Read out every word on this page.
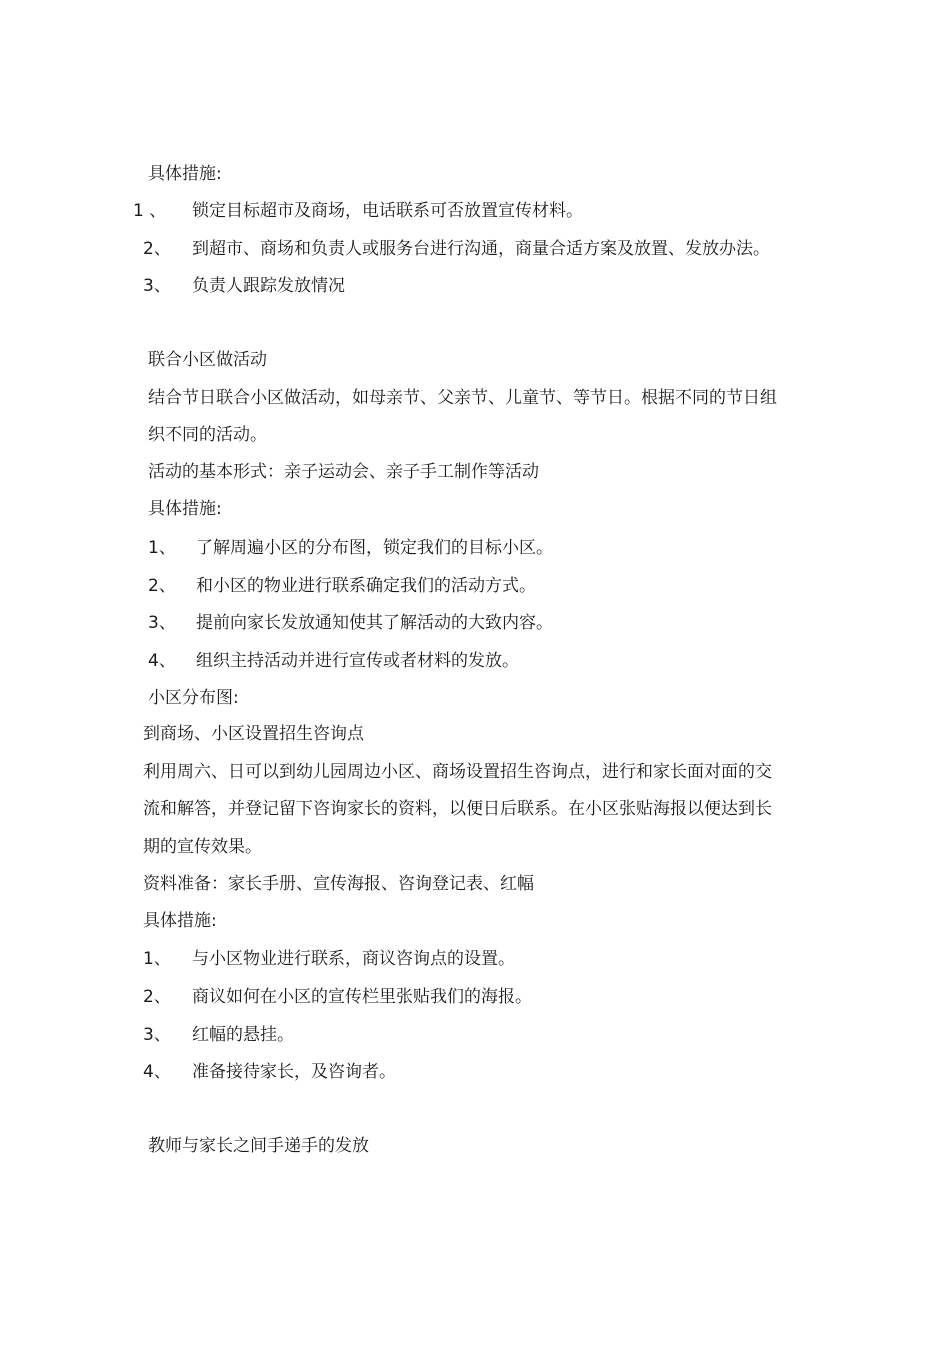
具体措施:
1 、 锁定目标超市及商场，电话联系可否放置宣传材料。
2、 到超市、商场和负责人或服务台进行沟通，商量合适方案及放置、发放办法。
3、 负责人跟踪发放情况
联合小区做活动
结合节日联合小区做活动，如母亲节、父亲节、儿童节、等节日。根据不同的节日组
织不同的活动。
活动的基本形式：亲子运动会、亲子手工制作等活动
具体措施:
1、 了解周遍小区的分布图，锁定我们的目标小区。
2、 和小区的物业进行联系确定我们的活动方式。
3、 提前向家长发放通知使其了解活动的大致内容。
4、 组织主持活动并进行宣传或者材料的发放。
小区分布图:
到商场、小区设置招生咨询点
利用周六、日可以到幼儿园周边小区、商场设置招生咨询点，进行和家长面对面的交
流和解答，并登记留下咨询家长的资料，以便日后联系。在小区张贴海报以便达到长
期的宣传效果。
资料准备：家长手册、宣传海报、咨询登记表、红幅
具体措施:
1、 与小区物业进行联系，商议咨询点的设置。
2、 商议如何在小区的宣传栏里张贴我们的海报。
3、 红幅的悬挂。
4、 准备接待家长，及咨询者。
教师与家长之间手递手的发放
